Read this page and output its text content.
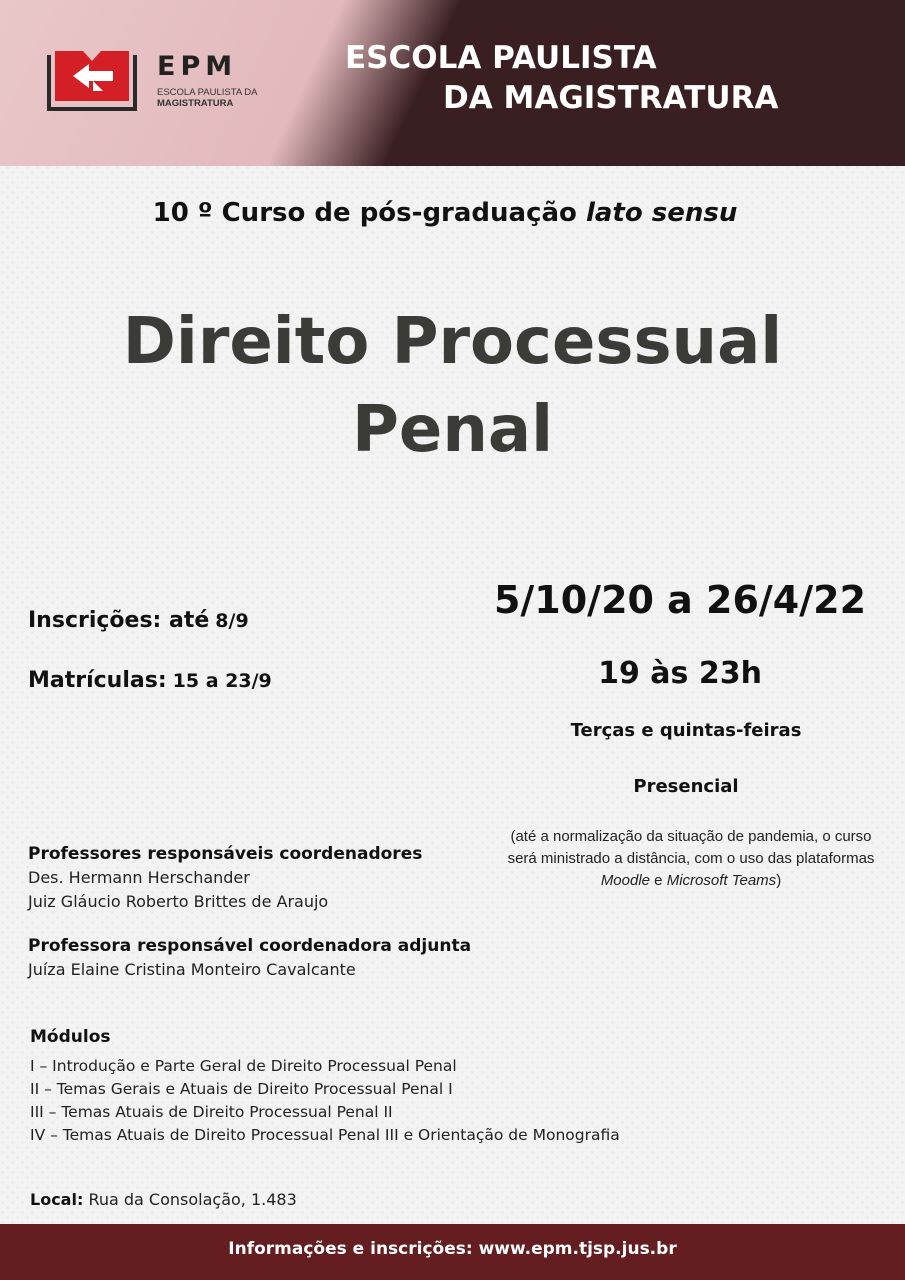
EPM
ESCOLA PAULISTA DA
MAGISTRATURA
ESCOLA PAULISTA
DA MAGISTRATURA
10 º Curso de pós-graduação lato sensu
Direito Processual
Penal
Inscrições: até 8/9
Matrículas: 15 a 23/9
5/10/20 a 26/4/22
19 às 23h
Terças e quintas-feiras
Presencial
(até a normalização da situação de pandemia, o curso será ministrado a distância, com o uso das plataformas Moodle e Microsoft Teams)
Professores responsáveis coordenadores
Des. Hermann Herschander
Juiz Gláucio Roberto Brittes de Araujo
Professora responsável coordenadora adjunta
Juíza Elaine Cristina Monteiro Cavalcante
Módulos
I – Introdução e Parte Geral de Direito Processual Penal
II – Temas Gerais e Atuais de Direito Processual Penal I
III – Temas Atuais de Direito Processual Penal II
IV – Temas Atuais de Direito Processual Penal III e Orientação de Monografia
Local: Rua da Consolação, 1.483
Informações e inscrições: www.epm.tjsp.jus.br
